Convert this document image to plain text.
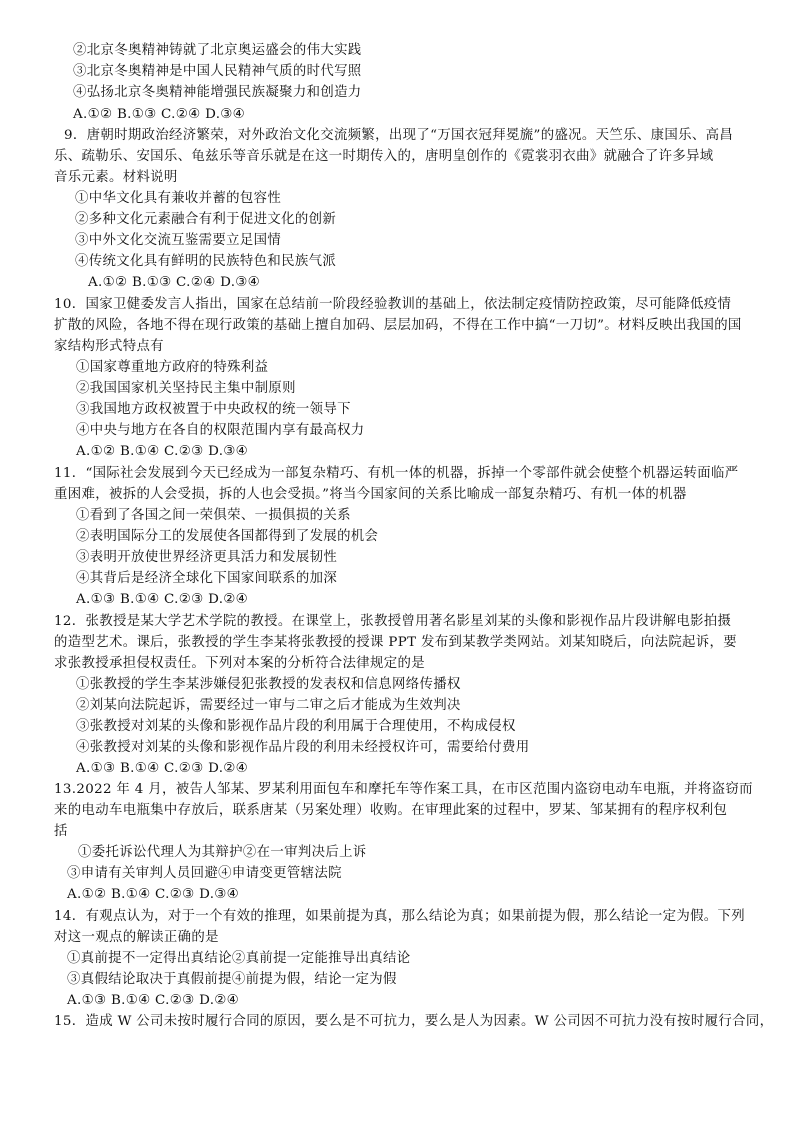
②北京冬奥精神铸就了北京奥运盛会的伟大实践
③北京冬奥精神是中国人民精神气质的时代写照
④弘扬北京冬奥精神能增强民族凝聚力和创造力
A.①② B.①③ C.②④ D.③④
9．唐朝时期政治经济繁荣，对外政治文化交流频繁，出现了“万国衣冠拜冕旒”的盛况。天竺乐、康国乐、高昌
乐、疏勒乐、安国乐、龟兹乐等音乐就是在这一时期传入的，唐明皇创作的《霓裳羽衣曲》就融合了许多异域
音乐元素。材料说明
①中华文化具有兼收并蓄的包容性
②多种文化元素融合有利于促进文化的创新
③中外文化交流互鉴需要立足国情
④传统文化具有鲜明的民族特色和民族气派
A.①② B.①③ C.②④ D.③④
10．国家卫健委发言人指出，国家在总结前一阶段经验教训的基础上，依法制定疫情防控政策，尽可能降低疫情
扩散的风险，各地不得在现行政策的基础上擅自加码、层层加码，不得在工作中搞“一刀切”。材料反映出我国的国
家结构形式特点有
①国家尊重地方政府的特殊利益
②我国国家机关坚持民主集中制原则
③我国地方政权被置于中央政权的统一领导下
④中央与地方在各自的权限范围内享有最高权力
A.①② B.①④ C.②③ D.③④
11．“国际社会发展到今天已经成为一部复杂精巧、有机一体的机器，拆掉一个零部件就会使整个机器运转面临严
重困难，被拆的人会受损，拆的人也会受损。”将当今国家间的关系比喻成一部复杂精巧、有机一体的机器
①看到了各国之间一荣俱荣、一损俱损的关系
②表明国际分工的发展使各国都得到了发展的机会
③表明开放使世界经济更具活力和发展韧性
④其背后是经济全球化下国家间联系的加深
A.①③ B.①④ C.②③ D.②④
12．张教授是某大学艺术学院的教授。在课堂上，张教授曾用著名影星刘某的头像和影视作品片段讲解电影拍摄
的造型艺术。课后，张教授的学生李某将张教授的授课 PPT 发布到某教学类网站。刘某知晓后，向法院起诉，要
求张教授承担侵权责任。下列对本案的分析符合法律规定的是
①张教授的学生李某涉嫌侵犯张教授的发表权和信息网络传播权
②刘某向法院起诉，需要经过一审与二审之后才能成为生效判决
③张教授对刘某的头像和影视作品片段的利用属于合理使用，不构成侵权
④张教授对刘某的头像和影视作品片段的利用未经授权许可，需要给付费用
A.①③ B.①④ C.②③ D.②④
13.2022 年 4 月，被告人邹某、罗某利用面包车和摩托车等作案工具，在市区范围内盗窃电动车电瓶，并将盗窃而
来的电动车电瓶集中存放后，联系唐某（另案处理）收购。在审理此案的过程中，罗某、邹某拥有的程序权利包
括
①委托诉讼代理人为其辩护②在一审判决后上诉
③申请有关审判人员回避④申请变更管辖法院
A.①② B.①④ C.②③ D.③④
14．有观点认为，对于一个有效的推理，如果前提为真，那么结论为真；如果前提为假，那么结论一定为假。下列
对这一观点的解读正确的是
①真前提不一定得出真结论②真前提一定能推导出真结论
③真假结论取决于真假前提④前提为假，结论一定为假
A.①③ B.①④ C.②③ D.②④
15．造成 W 公司未按时履行合同的原因，要么是不可抗力，要么是人为因素。W 公司因不可抗力没有按时履行合同，
